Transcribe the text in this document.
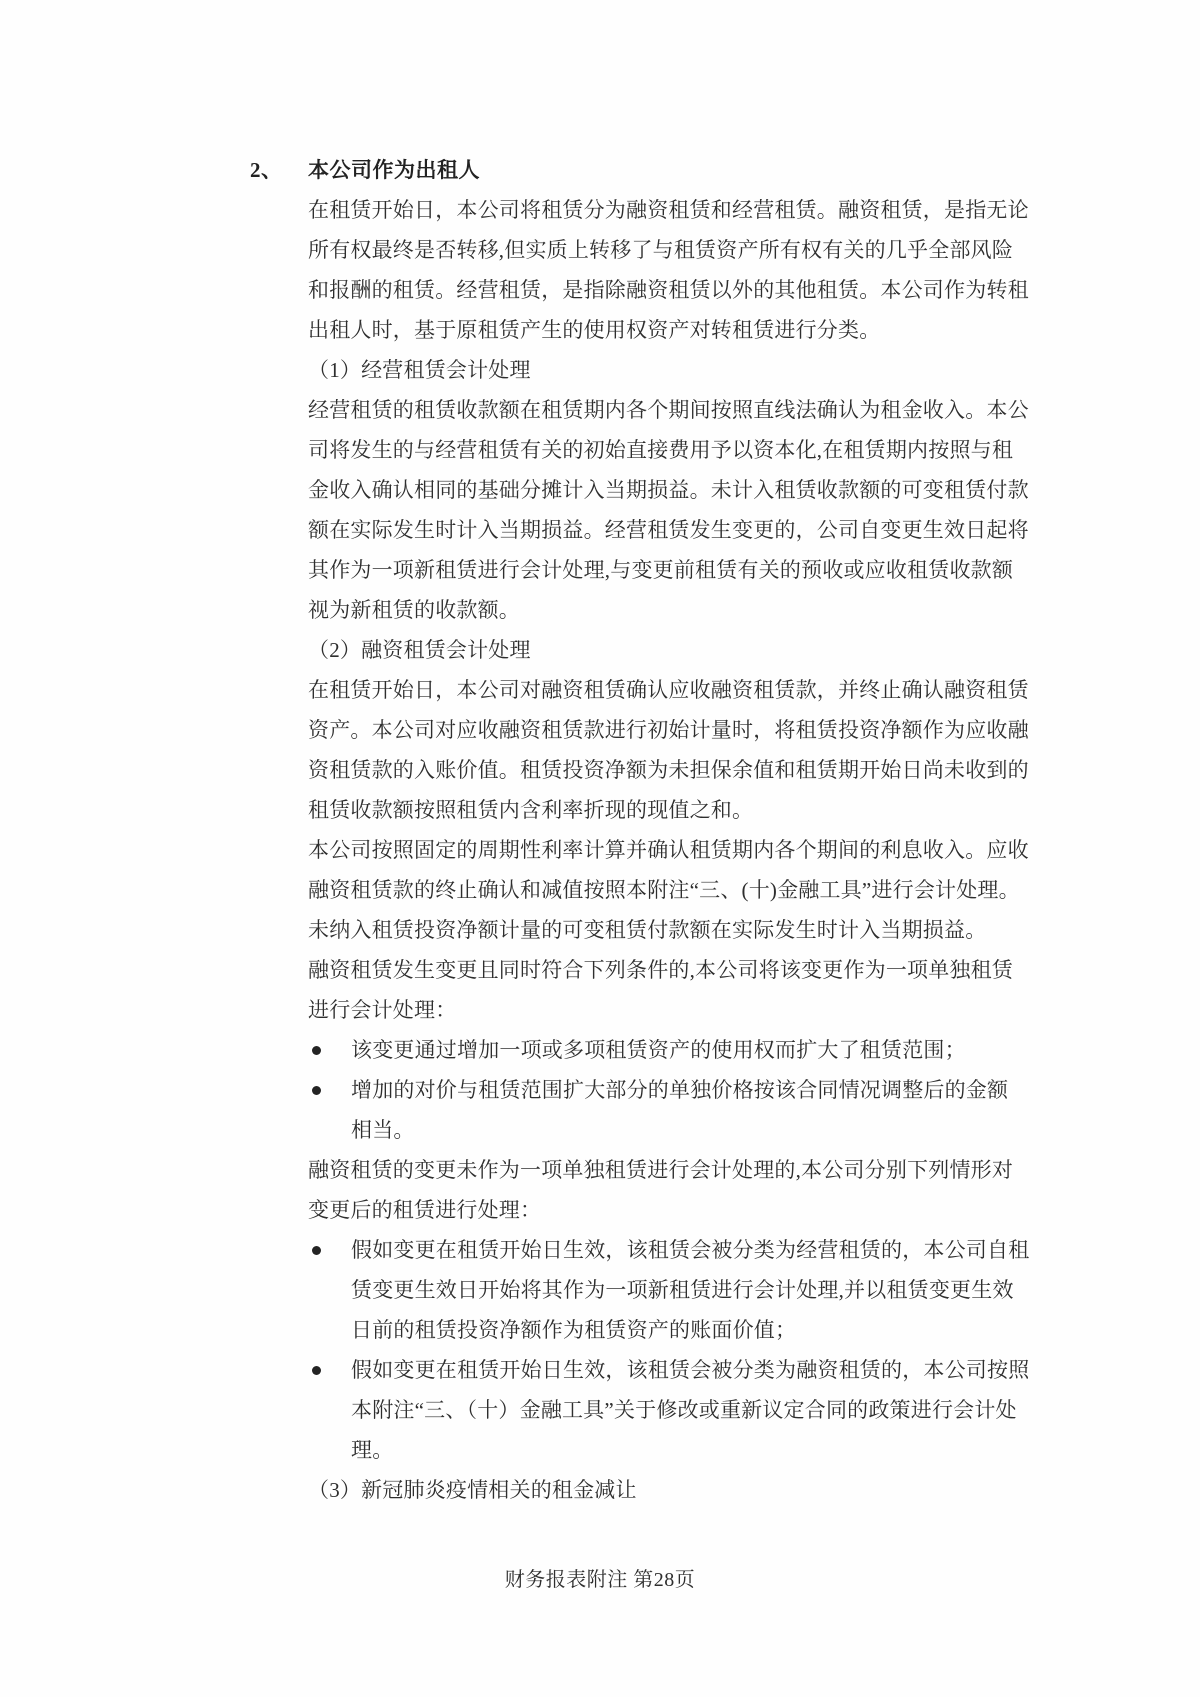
2、 本公司作为出租人
在租赁开始日，本公司将租赁分为融资租赁和经营租赁。融资租赁，是指无论
所有权最终是否转移,但实质上转移了与租赁资产所有权有关的几乎全部风险
和报酬的租赁。经营租赁，是指除融资租赁以外的其他租赁。本公司作为转租
出租人时，基于原租赁产生的使用权资产对转租赁进行分类。
（1）经营租赁会计处理
经营租赁的租赁收款额在租赁期内各个期间按照直线法确认为租金收入。本公
司将发生的与经营租赁有关的初始直接费用予以资本化,在租赁期内按照与租
金收入确认相同的基础分摊计入当期损益。未计入租赁收款额的可变租赁付款
额在实际发生时计入当期损益。经营租赁发生变更的，公司自变更生效日起将
其作为一项新租赁进行会计处理,与变更前租赁有关的预收或应收租赁收款额
视为新租赁的收款额。
（2）融资租赁会计处理
在租赁开始日，本公司对融资租赁确认应收融资租赁款，并终止确认融资租赁
资产。本公司对应收融资租赁款进行初始计量时，将租赁投资净额作为应收融
资租赁款的入账价值。租赁投资净额为未担保余值和租赁期开始日尚未收到的
租赁收款额按照租赁内含利率折现的现值之和。
本公司按照固定的周期性利率计算并确认租赁期内各个期间的利息收入。应收
融资租赁款的终止确认和减值按照本附注“三、(十)金融工具”进行会计处理。
未纳入租赁投资净额计量的可变租赁付款额在实际发生时计入当期损益。
融资租赁发生变更且同时符合下列条件的,本公司将该变更作为一项单独租赁
进行会计处理：
该变更通过增加一项或多项租赁资产的使用权而扩大了租赁范围；
增加的对价与租赁范围扩大部分的单独价格按该合同情况调整后的金额
相当。
融资租赁的变更未作为一项单独租赁进行会计处理的,本公司分别下列情形对
变更后的租赁进行处理：
假如变更在租赁开始日生效，该租赁会被分类为经营租赁的，本公司自租
赁变更生效日开始将其作为一项新租赁进行会计处理,并以租赁变更生效
日前的租赁投资净额作为租赁资产的账面价值；
假如变更在租赁开始日生效，该租赁会被分类为融资租赁的，本公司按照
本附注“三、（十）金融工具”关于修改或重新议定合同的政策进行会计处
理。
（3）新冠肺炎疫情相关的租金减让
财务报表附注 第28页
